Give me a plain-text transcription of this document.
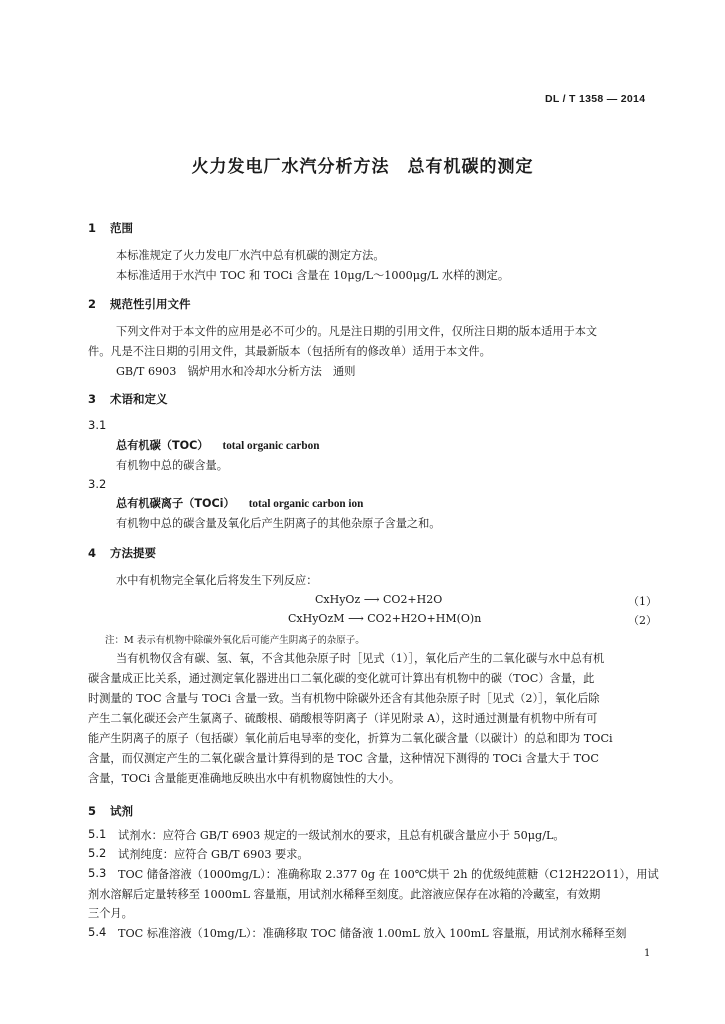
DL / T 1358 — 2014
火力发电厂水汽分析方法　总有机碳的测定
1 范围
本标准规定了火力发电厂水汽中总有机碳的测定方法。
本标准适用于水汽中 TOC 和 TOCi 含量在 10μg/L～1000μg/L 水样的测定。
2 规范性引用文件
下列文件对于本文件的应用是必不可少的。凡是注日期的引用文件，仅所注日期的版本适用于本文
件。凡是不注日期的引用文件，其最新版本（包括所有的修改单）适用于本文件。
GB/T 6903　锅炉用水和冷却水分析方法　通则
3 术语和定义
3.1
总有机碳（TOC） total organic carbon
有机物中总的碳含量。
3.2
总有机碳离子（TOCi） total organic carbon ion
有机物中总的碳含量及氧化后产生阴离子的其他杂原子含量之和。
4 方法提要
水中有机物完全氧化后将发生下列反应：
CxHyOz ⟶ CO2+H2O	（1）
CxHyOzM ⟶ CO2+H2O+HM(O)n	（2）
注：M 表示有机物中除碳外氧化后可能产生阴离子的杂原子。
当有机物仅含有碳、氢、氧，不含其他杂原子时［见式（1）］，氧化后产生的二氧化碳与水中总有机
碳含量成正比关系，通过测定氧化器进出口二氧化碳的变化就可计算出有机物中的碳（TOC）含量，此
时测量的 TOC 含量与 TOCi 含量一致。当有机物中除碳外还含有其他杂原子时［见式（2）］，氧化后除
产生二氧化碳还会产生氯离子、硫酸根、硝酸根等阴离子（详见附录 A），这时通过测量有机物中所有可
能产生阴离子的原子（包括碳）氧化前后电导率的变化，折算为二氧化碳含量（以碳计）的总和即为 TOCi
含量，而仅测定产生的二氧化碳含量计算得到的是 TOC 含量，这种情况下测得的 TOCi 含量大于 TOC
含量，TOCi 含量能更准确地反映出水中有机物腐蚀性的大小。
5 试剂
5.1 试剂水：应符合 GB/T 6903 规定的一级试剂水的要求，且总有机碳含量应小于 50μg/L。
5.2 试剂纯度：应符合 GB/T 6903 要求。
5.3 TOC 储备溶液（1000mg/L）：准确称取 2.377 0g 在 100℃烘干 2h 的优级纯蔗糖（C12H22O11），用试
剂水溶解后定量转移至 1000mL 容量瓶，用试剂水稀释至刻度。此溶液应保存在冰箱的冷藏室，有效期
三个月。
5.4 TOC 标准溶液（10mg/L）：准确移取 TOC 储备液 1.00mL 放入 100mL 容量瓶，用试剂水稀释至刻
1
